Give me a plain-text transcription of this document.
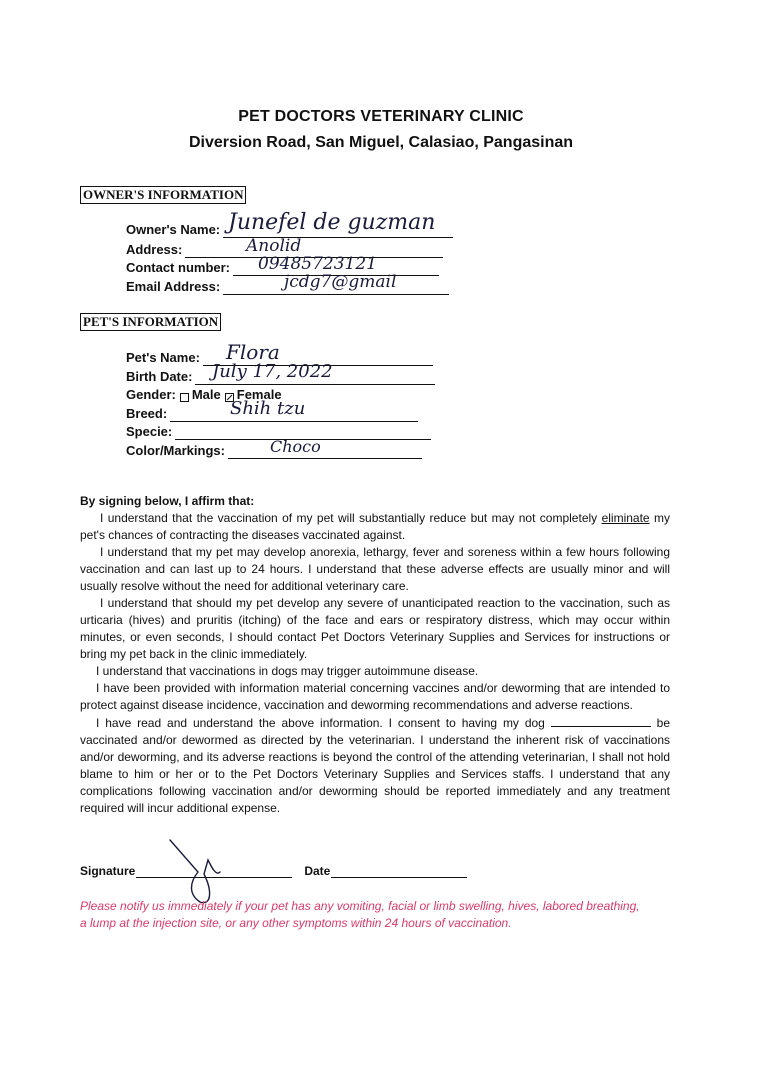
PET DOCTORS VETERINARY CLINIC
Diversion Road, San Miguel, Calasiao, Pangasinan
OWNER'S INFORMATION
Owner's Name: Junefel de guzman
Address:	Anolid
Contact number: 09485723121
Email Address:	jcdg7@gmail
PET'S INFORMATION
Pet's Name: Flora
Birth Date: July 17, 2022
Gender: Male Female
Breed:	Shih tzu
Specie:
Color/Markings:	Choco
By signing below, I affirm that:

I understand that the vaccination of my pet will substantially reduce but may not completely eliminate my pet's chances of contracting the diseases vaccinated against.

I understand that my pet may develop anorexia, lethargy, fever and soreness within a few hours following vaccination and can last up to 24 hours. I understand that these adverse effects are usually minor and will usually resolve without the need for additional veterinary care.

I understand that should my pet develop any severe of unanticipated reaction to the vaccination, such as urticaria (hives) and pruritis (itching) of the face and ears or respiratory distress, which may occur within minutes, or even seconds, I should contact Pet Doctors Veterinary Supplies and Services for instructions or bring my pet back in the clinic immediately.

I understand that vaccinations in dogs may trigger autoimmune disease.

I have been provided with information material concerning vaccines and/or deworming that are intended to protect against disease incidence, vaccination and deworming recommendations and adverse reactions.

I have read and understand the above information. I consent to having my dog	be vaccinated and/or dewormed as directed by the veterinarian. I understand the inherent risk of vaccinations and/or deworming, and its adverse reactions is beyond the control of the attending veterinarian, I shall not hold blame to him or her or to the Pet Doctors Veterinary Supplies and Services staffs. I understand that any complications following vaccination and/or deworming should be reported immediately and any treatment required will incur additional expense.

Signature	Date
Please notify us immediately if your pet has any vomiting, facial or limb swelling, hives, labored breathing, a lump at the injection site, or any other symptoms within 24 hours of vaccination.
